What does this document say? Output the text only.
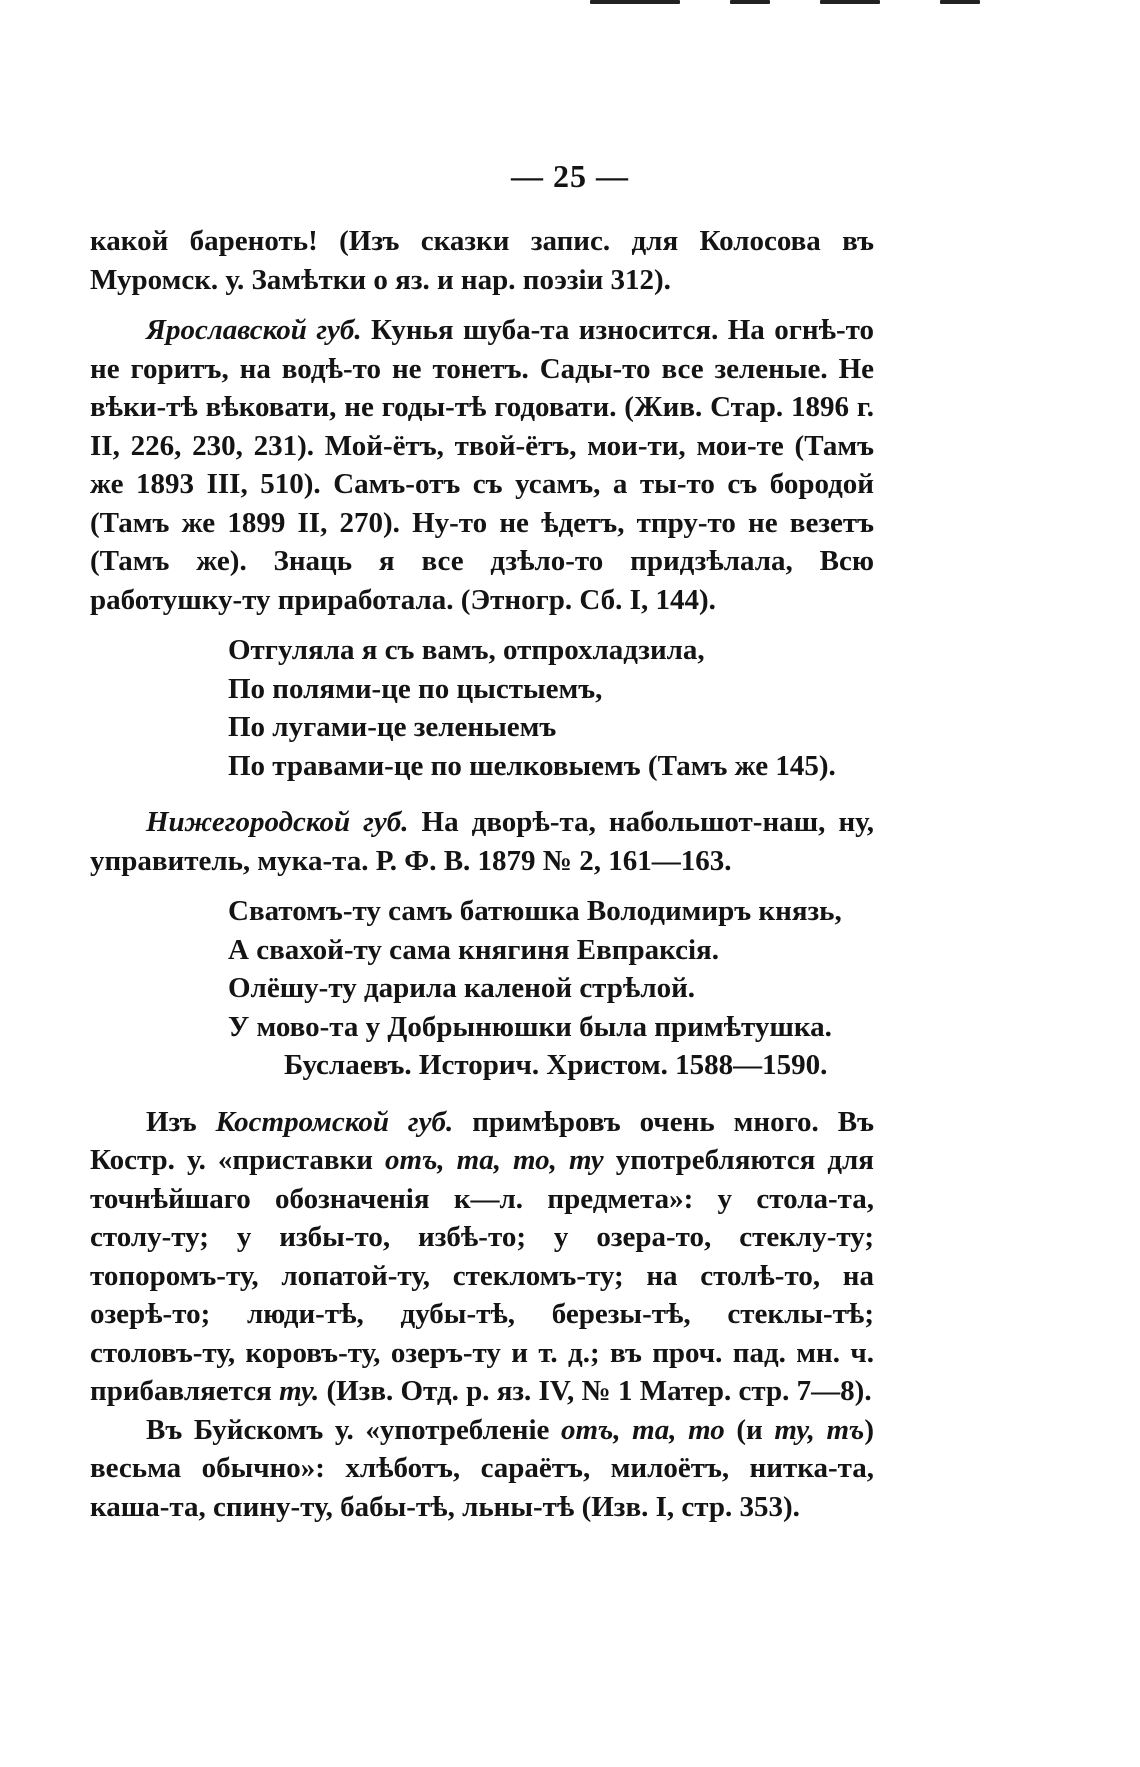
— 25 —

какой бареноть! (Изъ сказки запис. для Колосова въ Муромск. у. Замѣтки о яз. и нар. поэзіи 312).

Ярославской губ. Кунья шуба-та износится. На огнѣ-то не горитъ, на водѣ-то не тонетъ. Сады-то все зеленые. Не вѣки-тѣ вѣковати, не годы-тѣ годовати. (Жив. Стар. 1896 г. II, 226, 230, 231). Мой-ётъ, твой-ётъ, мои-ти, мои-те (Тамъ же 1893 III, 510). Самъ-отъ съ усамъ, а ты-то съ бородой (Тамъ же 1899 II, 270). Ну-то не ѣдетъ, тпру-то не везетъ (Тамъ же). Знаць я все дзѣло-то придзѣлала, Всю работушку-ту приработала. (Этногр. Сб. I, 144).

Отгуляла я съ вамъ, отпрохладзила,
По полями-це по цыстыемъ,
По лугами-це зеленыемъ
По травами-це по шелковыемъ (Тамъ же 145).

Нижегородской губ. На дворѣ-та, набольшот-наш, ну, управитель, мука-та. Р. Ф. В. 1879 № 2, 161—163.

Сватомъ-ту самъ батюшка Володимиръ князь,
А свахой-ту сама княгиня Евпраксія.
Олёшу-ту дарила каленой стрѣлой.
У мово-та у Добрынюшки была примѣтушка.
Буслаевъ. Историч. Христом. 1588—1590.

Изъ Костромской губ. примѣровъ очень много. Въ Костр. у. «приставки отъ, та, то, ту употребляются для точнѣйшаго обозначенія к—л. предмета»: у стола-та, столу-ту; у избы-то, избѣ-то; у озера-то, стеклу-ту; топоромъ-ту, лопатой-ту, стекломъ-ту; на столѣ-то, на озерѣ-то; люди-тѣ, дубы-тѣ, березы-тѣ, стеклы-тѣ; столовъ-ту, коровъ-ту, озеръ-ту и т. д.; въ проч. пад. мн. ч. прибавляется ту. (Изв. Отд. р. яз. IV, № 1 Матер. стр. 7—8).

Въ Буйскомъ у. «употребленіе отъ, та, то (и ту, тъ) весьма обычно»: хлѣботъ, сараётъ, милоётъ, нитка-та, каша-та, спину-ту, бабы-тѣ, льны-тѣ (Изв. I, стр. 353).
